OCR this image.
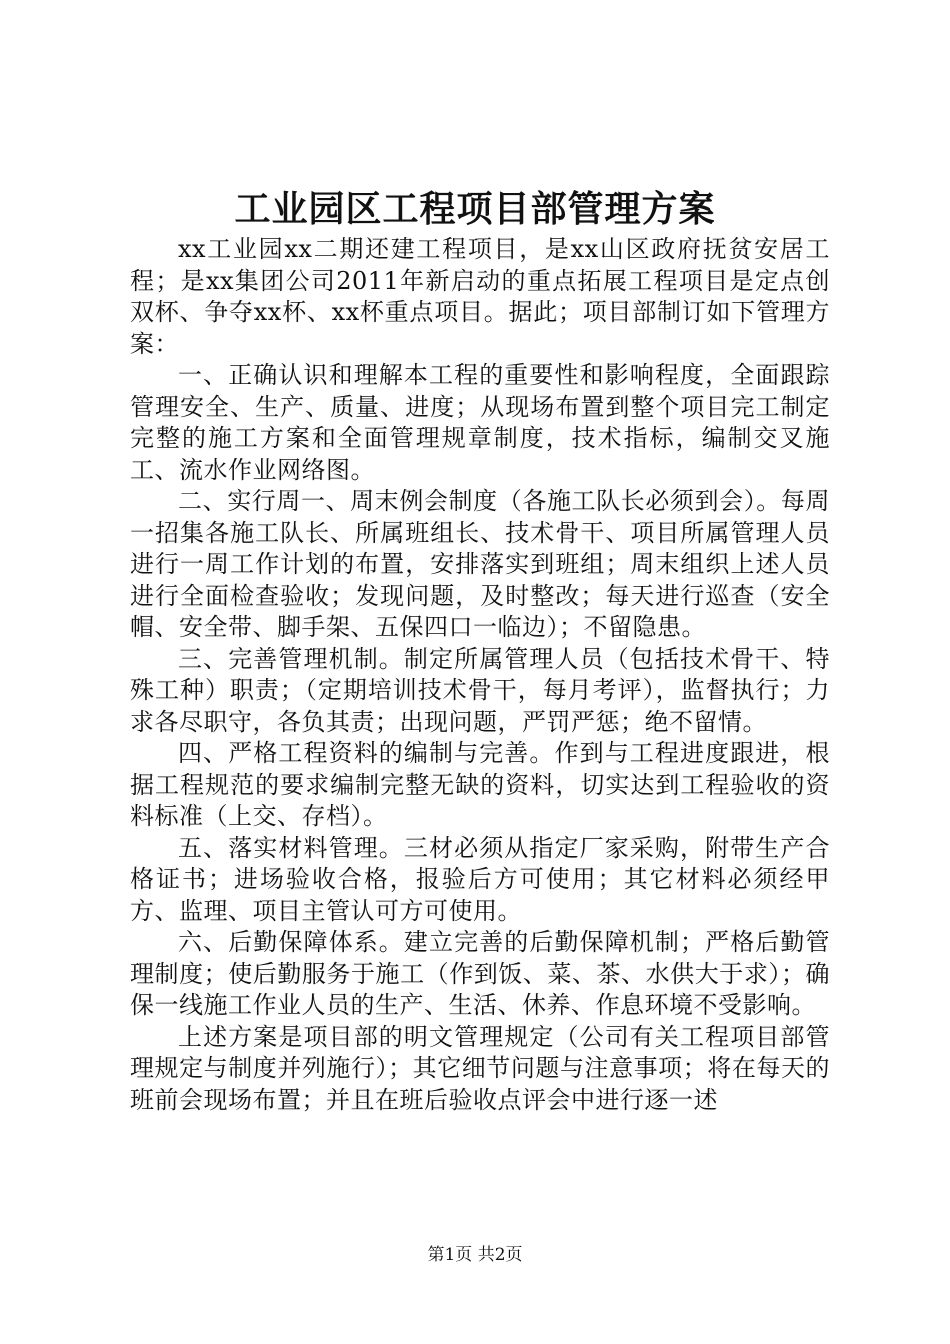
工业园区工程项目部管理方案

xx工业园xx二期还建工程项目，是xx山区政府抚贫安居工程；是xx集团公司2011年新启动的重点拓展工程项目是定点创双杯、争夺xx杯、xx杯重点项目。据此；项目部制订如下管理方案：

一、正确认识和理解本工程的重要性和影响程度，全面跟踪管理安全、生产、质量、进度；从现场布置到整个项目完工制定完整的施工方案和全面管理规章制度，技术指标，编制交叉施工、流水作业网络图。

二、实行周一、周末例会制度（各施工队长必须到会）。每周一招集各施工队长、所属班组长、技术骨干、项目所属管理人员进行一周工作计划的布置，安排落实到班组；周末组织上述人员进行全面检查验收；发现问题，及时整改；每天进行巡查（安全帽、安全带、脚手架、五保四口一临边）；不留隐患。

三、完善管理机制。制定所属管理人员（包括技术骨干、特殊工种）职责；（定期培训技术骨干，每月考评），监督执行；力求各尽职守，各负其责；出现问题，严罚严惩；绝不留情。

四、严格工程资料的编制与完善。作到与工程进度跟进，根据工程规范的要求编制完整无缺的资料，切实达到工程验收的资料标准（上交、存档）。

五、落实材料管理。三材必须从指定厂家采购，附带生产合格证书；进场验收合格，报验后方可使用；其它材料必须经甲方、监理、项目主管认可方可使用。

六、后勤保障体系。建立完善的后勤保障机制；严格后勤管理制度；使后勤服务于施工（作到饭、菜、茶、水供大于求）；确保一线施工作业人员的生产、生活、休养、作息环境不受影响。

上述方案是项目部的明文管理规定（公司有关工程项目部管理规定与制度并列施行）；其它细节问题与注意事项；将在每天的班前会现场布置；并且在班后验收点评会中进行逐一述

第1页 共2页
